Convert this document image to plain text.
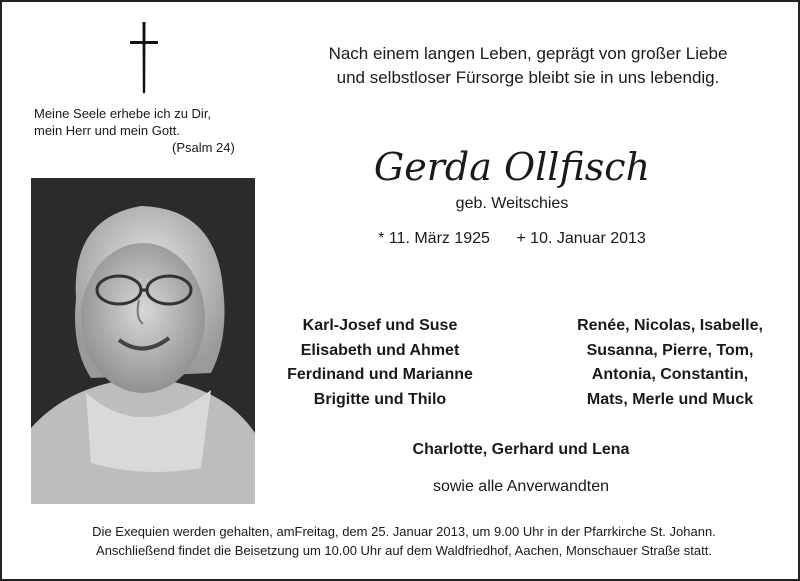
Meine Seele erhebe ich zu Dir,
mein Herr und mein Gott.
(Psalm 24)
Nach einem langen Leben, geprägt von großer Liebe
und selbstloser Fürsorge bleibt sie in uns lebendig.
Gerda Ollfisch
geb. Weitschies
* 11. März 1925 + 10. Januar 2013
Karl-Josef und Suse
Elisabeth und Ahmet
Ferdinand und Marianne
Brigitte und Thilo
Renée, Nicolas, Isabelle,
Susanna, Pierre, Tom,
Antonia, Constantin,
Mats, Merle und Muck
Charlotte, Gerhard und Lena
sowie alle Anverwandten
Die Exequien werden gehalten, amFreitag, dem 25. Januar 2013, um 9.00 Uhr in der Pfarrkirche St. Johann.
Anschließend findet die Beisetzung um 10.00 Uhr auf dem Waldfriedhof, Aachen, Monschauer Straße statt.
